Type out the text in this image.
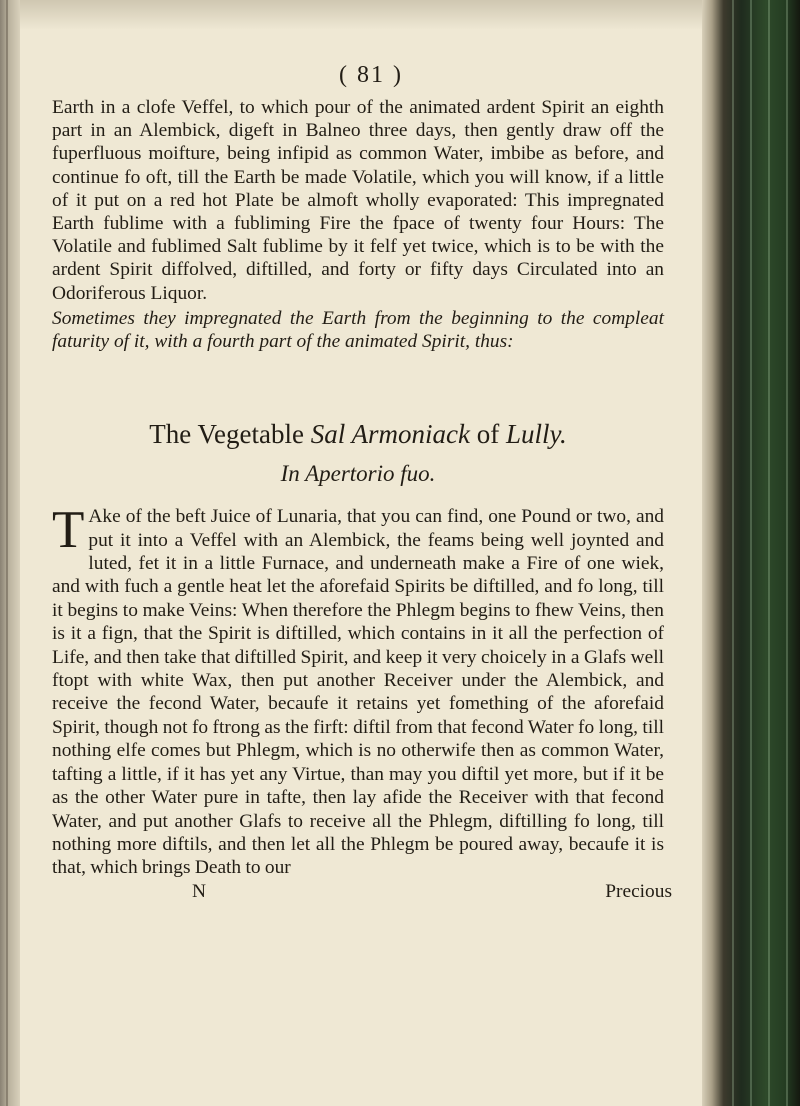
( 81 )

Earth in a clofe Veffel, to which pour of the animated ardent Spirit an eighth part in an Alembick, digeft in Balneo three days, then gently draw off the fuperfluous moifture, being infipid as common Water, imbibe as before, and continue fo oft, till the Earth be made Volatile, which you will know, if a little of it put on a red hot Plate be almoft wholly evaporated: This impregnated Earth fublime with a fubliming Fire the fpace of twenty four Hours: The Volatile and fublimed Salt fublime by it felf yet twice, which is to be with the ardent Spirit diffolved, diftilled, and forty or fifty days Circulated into an Odoriferous Liquor.

Sometimes they impregnated the Earth from the beginning to the compleat faturity of it, with a fourth part of the animated Spirit, thus:

The Vegetable Sal Armoniack of Lully.
In Apertorio fuo.

T Ake of the beft Juice of Lunaria, that you can find, one Pound or two, and put it into a Veffel with an Alembick, the feams being well joynted and luted, fet it in a little Furnace, and underneath make a Fire of one wiek, and with fuch a gentle heat let the aforefaid Spirits be diftilled, and fo long, till it begins to make Veins: When therefore the Phlegm begins to fhew Veins, then is it a fign, that the Spirit is diftilled, which contains in it all the perfection of Life, and then take that diftilled Spirit, and keep it very choicely in a Glafs well ftopt with white Wax, then put another Receiver under the Alembick, and receive the fecond Water, becaufe it retains yet fomething of the aforefaid Spirit, though not fo ftrong as the firft: diftil from that fecond Water fo long, till nothing elfe comes but Phlegm, which is no otherwife then as common Water, tafting a little, if it has yet any Virtue, than may you diftil yet more, but if it be as the other Water pure in tafte, then lay afide the Receiver with that fecond Water, and put another Glafs to receive all the Phlegm, diftilling fo long, till nothing more diftils, and then let all the Phlegm be poured away, becaufe it is that, which brings Death to our

N	Precious
